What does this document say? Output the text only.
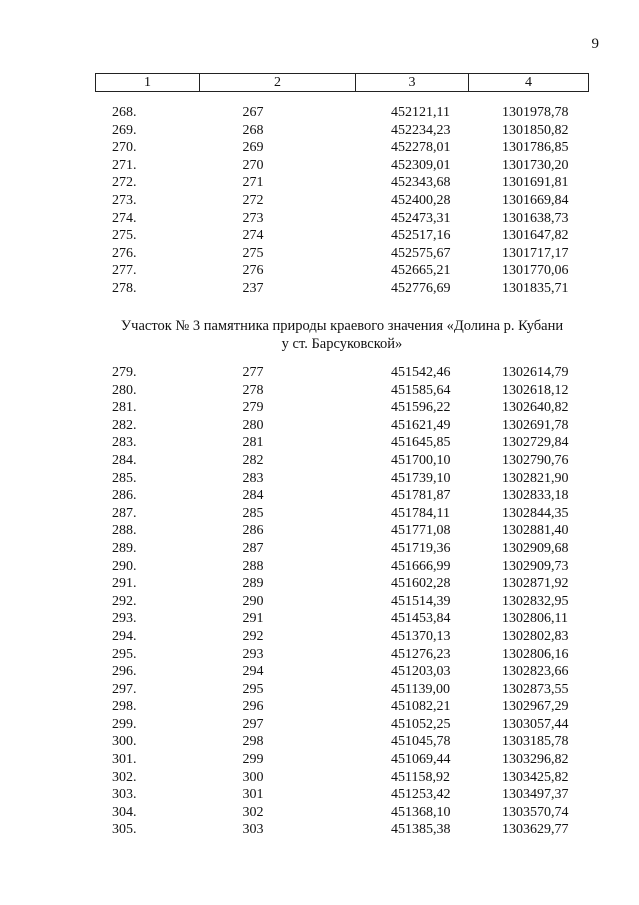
9
1	2	3	4
268.	267	452121,11	1301978,78
269.	268	452234,23	1301850,82
270.	269	452278,01	1301786,85
271.	270	452309,01	1301730,20
272.	271	452343,68	1301691,81
273.	272	452400,28	1301669,84
274.	273	452473,31	1301638,73
275.	274	452517,16	1301647,82
276.	275	452575,67	1301717,17
277.	276	452665,21	1301770,06
278.	237	452776,69	1301835,71
Участок № 3 памятника природы краевого значения «Долина р. Кубани
у ст. Барсуковской»
279.	277	451542,46	1302614,79
280.	278	451585,64	1302618,12
281.	279	451596,22	1302640,82
282.	280	451621,49	1302691,78
283.	281	451645,85	1302729,84
284.	282	451700,10	1302790,76
285.	283	451739,10	1302821,90
286.	284	451781,87	1302833,18
287.	285	451784,11	1302844,35
288.	286	451771,08	1302881,40
289.	287	451719,36	1302909,68
290.	288	451666,99	1302909,73
291.	289	451602,28	1302871,92
292.	290	451514,39	1302832,95
293.	291	451453,84	1302806,11
294.	292	451370,13	1302802,83
295.	293	451276,23	1302806,16
296.	294	451203,03	1302823,66
297.	295	451139,00	1302873,55
298.	296	451082,21	1302967,29
299.	297	451052,25	1303057,44
300.	298	451045,78	1303185,78
301.	299	451069,44	1303296,82
302.	300	451158,92	1303425,82
303.	301	451253,42	1303497,37
304.	302	451368,10	1303570,74
305.	303	451385,38	1303629,77
